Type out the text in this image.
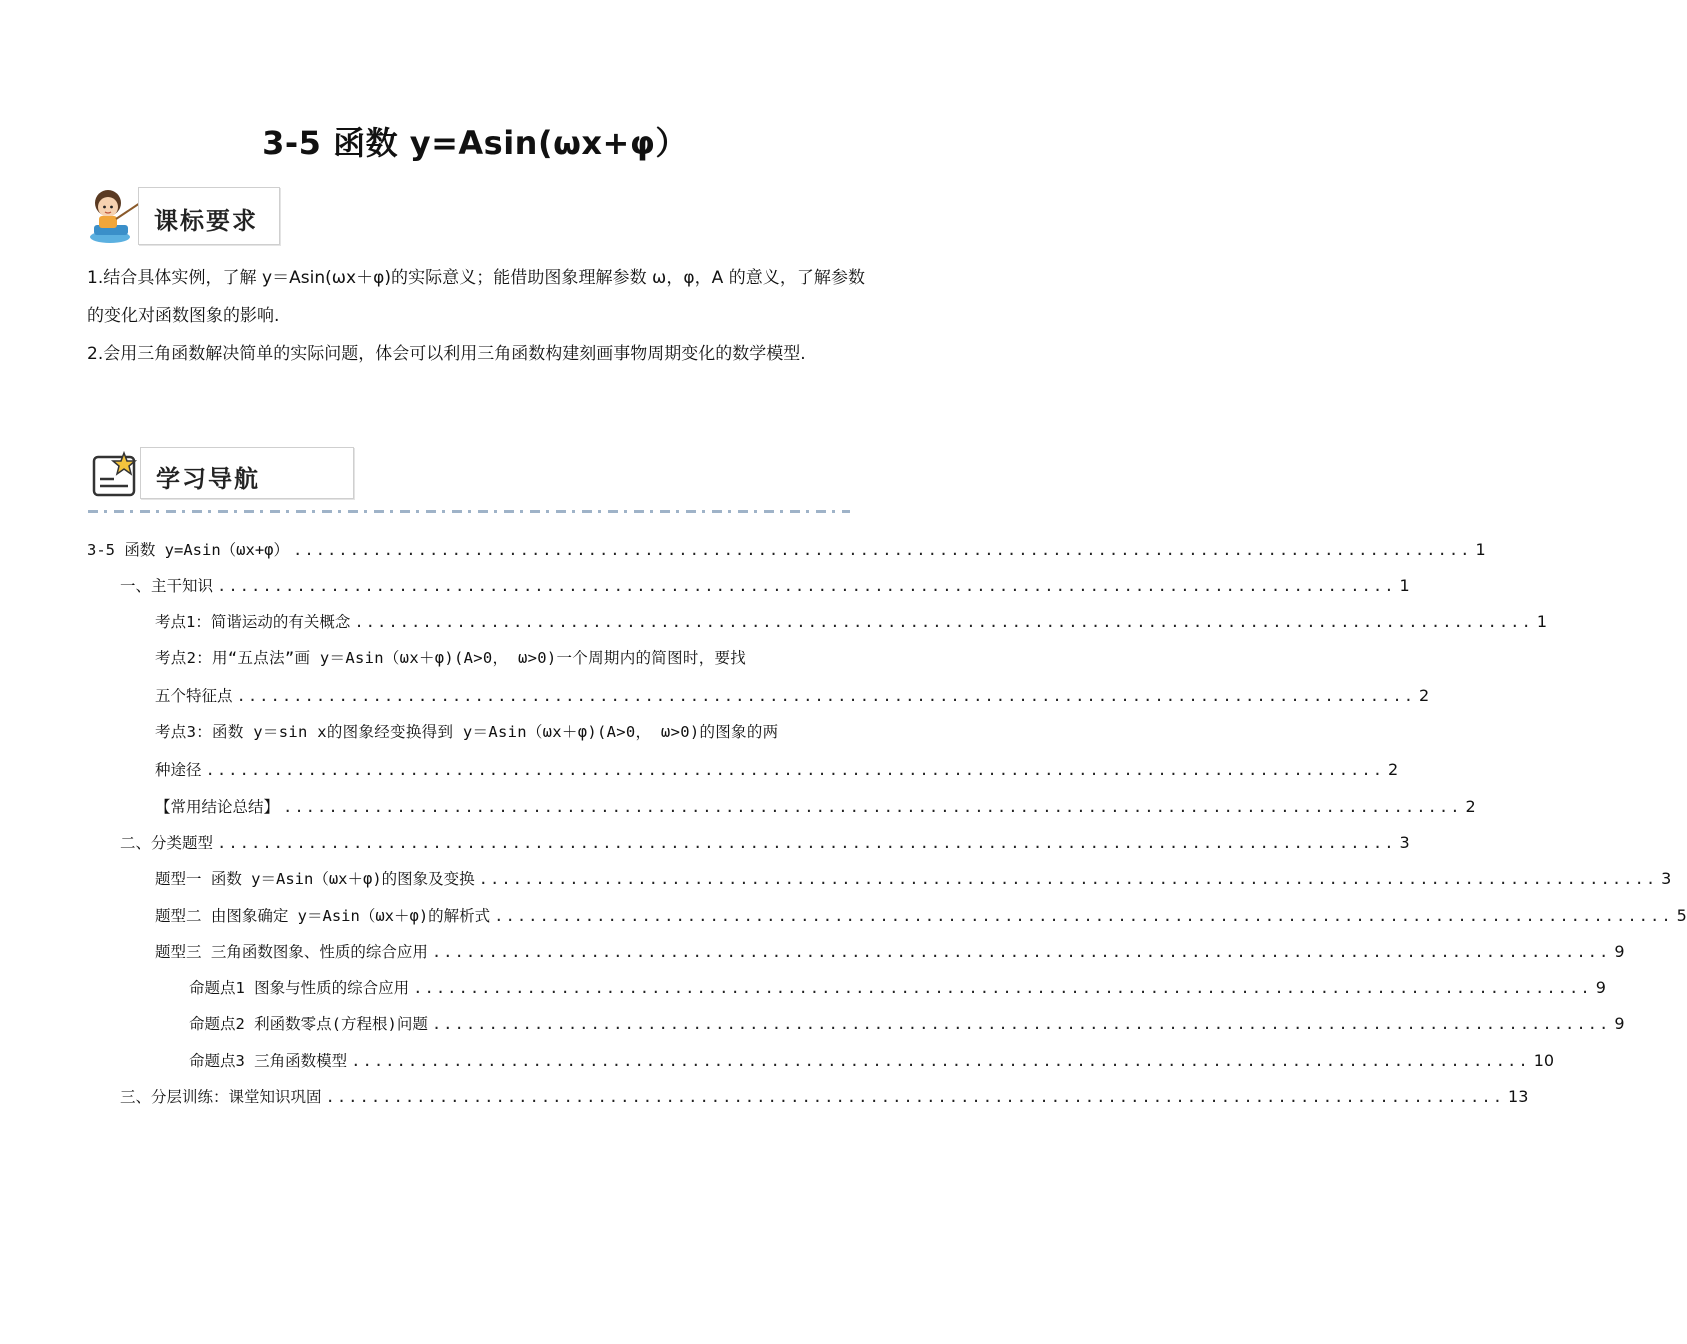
3-5 函数 y=Asin(ωx+φ）
课标要求
1.结合具体实例，了解 y＝Asin(ωx＋φ)的实际意义；能借助图象理解参数 ω，φ，A 的意义，了解参数的变化对函数图象的影响.
2.会用三角函数解决简单的实际问题，体会可以利用三角函数构建刻画事物周期变化的数学模型.
学习导航
3-5 函数 y=Asin（ωx+φ） ........................................................................................................ 1
一、主干知识 ........................................................................................................ 1
考点1：简谐运动的有关概念 ........................................................................................................ 1
考点2：用“五点法”画 y＝Asin（ωx＋φ)(A>0， ω>0)一个周期内的简图时，要找
五个特征点 ........................................................................................................ 2
考点3：函数 y＝sin x的图象经变换得到 y＝Asin（ωx＋φ)(A>0， ω>0)的图象的两
种途径 ........................................................................................................ 2
【常用结论总结】 ........................................................................................................ 2
二、分类题型 ........................................................................................................ 3
题型一 函数 y＝Asin（ωx＋φ)的图象及变换 ........................................................................................................ 3
题型二 由图象确定 y＝Asin（ωx＋φ)的解析式 ........................................................................................................ 5
题型三 三角函数图象、性质的综合应用 ........................................................................................................ 9
命题点1 图象与性质的综合应用 ........................................................................................................ 9
命题点2 利函数零点(方程根)问题 ........................................................................................................ 9
命题点3 三角函数模型 ........................................................................................................ 10
三、分层训练：课堂知识巩固 ........................................................................................................ 13
